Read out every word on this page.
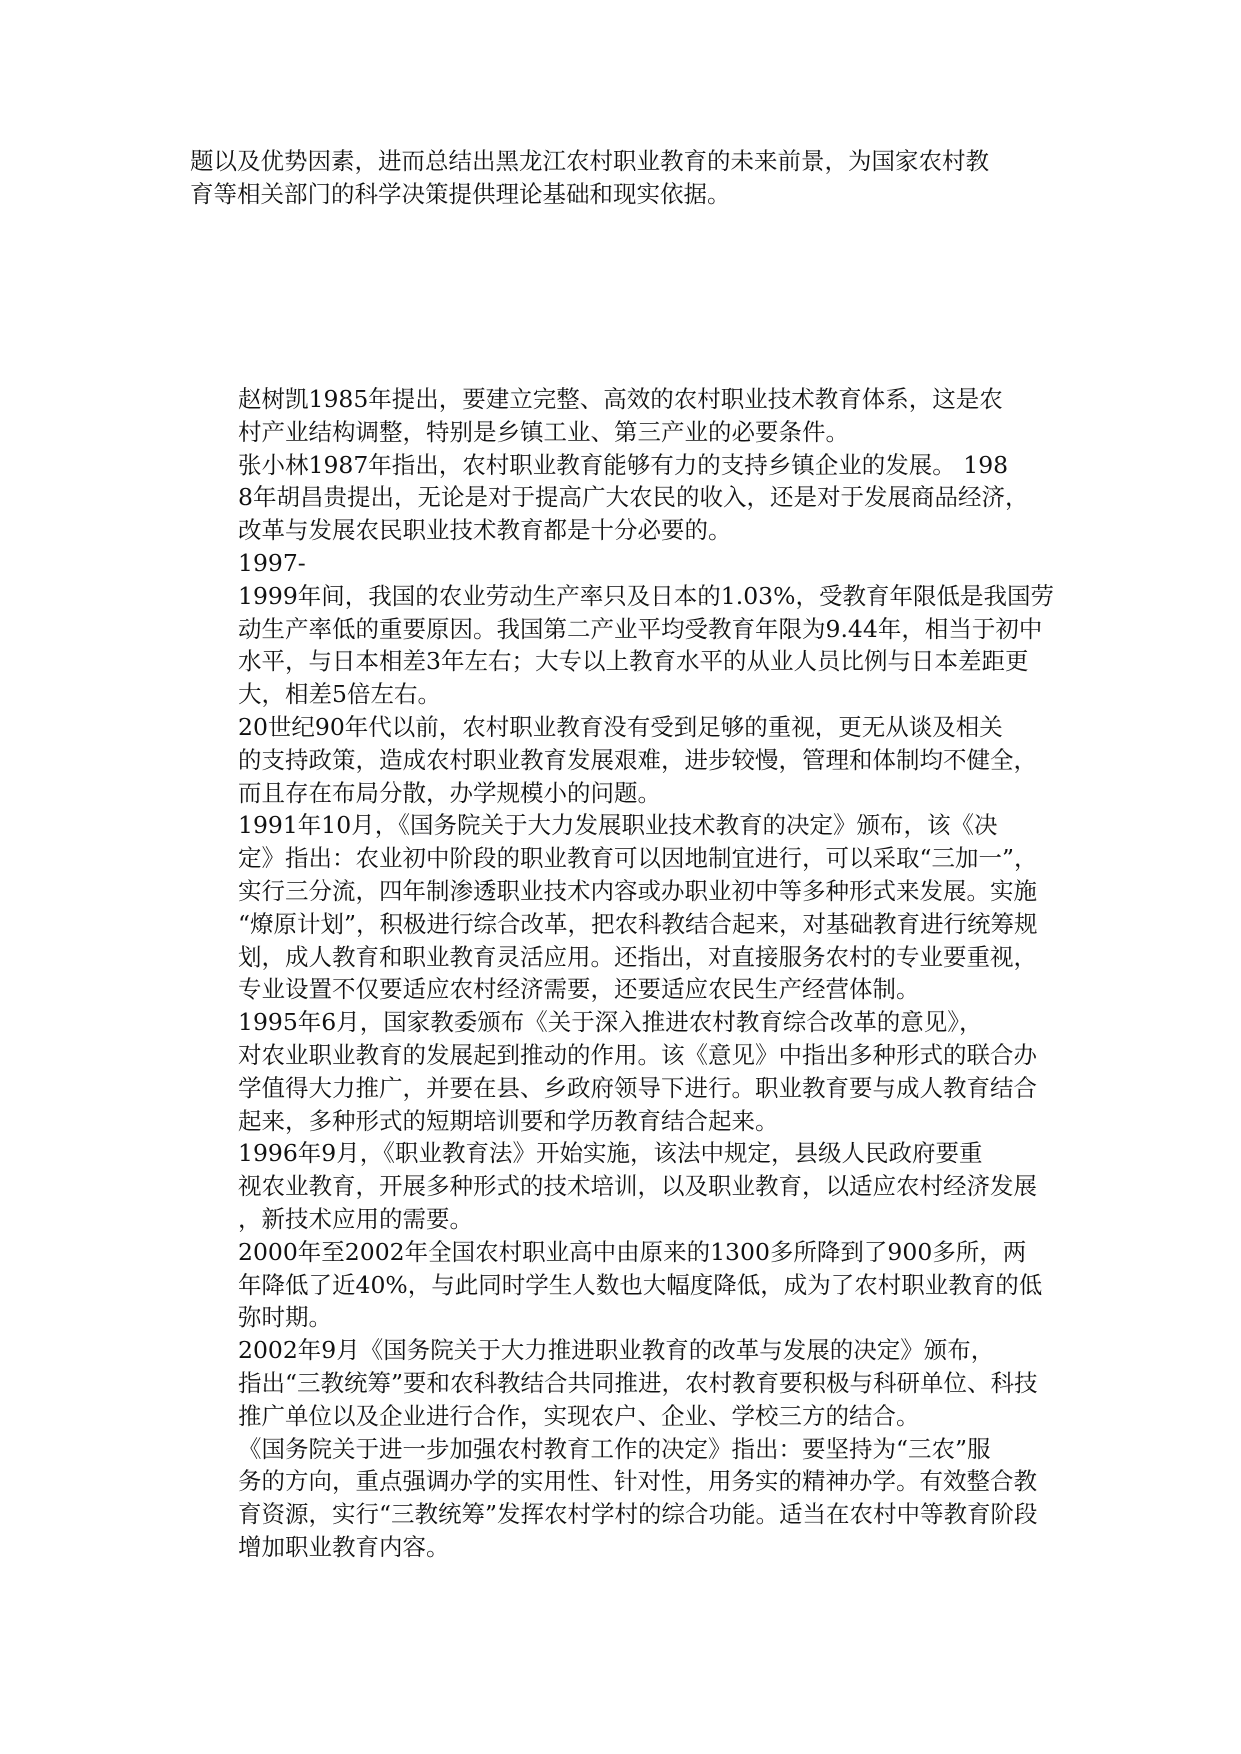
题以及优势因素，进而总结出黑龙江农村职业教育的未来前景，为国家农村教
育等相关部门的科学决策提供理论基础和现实依据。

赵树凯1985年提出，要建立完整、高效的农村职业技术教育体系，这是农
村产业结构调整，特别是乡镇工业、第三产业的必要条件。

张小林1987年指出，农村职业教育能够有力的支持乡镇企业的发展。 198
8年胡昌贵提出，无论是对于提高广大农民的收入，还是对于发展商品经济，
改革与发展农民职业技术教育都是十分必要的。

1997-
1999年间，我国的农业劳动生产率只及日本的1.03%，受教育年限低是我国劳
动生产率低的重要原因。我国第二产业平均受教育年限为9.44年，相当于初中
水平，与日本相差3年左右；大专以上教育水平的从业人员比例与日本差距更
大，相差5倍左右。

20世纪90年代以前，农村职业教育没有受到足够的重视，更无从谈及相关
的支持政策，造成农村职业教育发展艰难，进步较慢，管理和体制均不健全，
而且存在布局分散，办学规模小的问题。

1991年10月，《国务院关于大力发展职业技术教育的决定》颁布，该《决
定》指出：农业初中阶段的职业教育可以因地制宜进行，可以采取“三加一”，
实行三分流，四年制渗透职业技术内容或办职业初中等多种形式来发展。实施
“燎原计划”，积极进行综合改革，把农科教结合起来，对基础教育进行统筹规
划，成人教育和职业教育灵活应用。还指出，对直接服务农村的专业要重视，
专业设置不仅要适应农村经济需要，还要适应农民生产经营体制。

1995年6月，国家教委颁布《关于深入推进农村教育综合改革的意见》，
对农业职业教育的发展起到推动的作用。该《意见》中指出多种形式的联合办
学值得大力推广，并要在县、乡政府领导下进行。职业教育要与成人教育结合
起来，多种形式的短期培训要和学历教育结合起来。

1996年9月，《职业教育法》开始实施，该法中规定，县级人民政府要重
视农业教育，开展多种形式的技术培训，以及职业教育，以适应农村经济发展
，新技术应用的需要。

2000年至2002年全国农村职业高中由原来的1300多所降到了900多所，两
年降低了近40%，与此同时学生人数也大幅度降低，成为了农村职业教育的低
弥时期。

2002年9月《国务院关于大力推进职业教育的改革与发展的决定》颁布，
指出“三教统筹”要和农科教结合共同推进，农村教育要积极与科研单位、科技
推广单位以及企业进行合作，实现农户、企业、学校三方的结合。

《国务院关于进一步加强农村教育工作的决定》指出：要坚持为“三农”服
务的方向，重点强调办学的实用性、针对性，用务实的精神办学。有效整合教
育资源，实行“三教统筹”发挥农村学村的综合功能。适当在农村中等教育阶段
增加职业教育内容。
